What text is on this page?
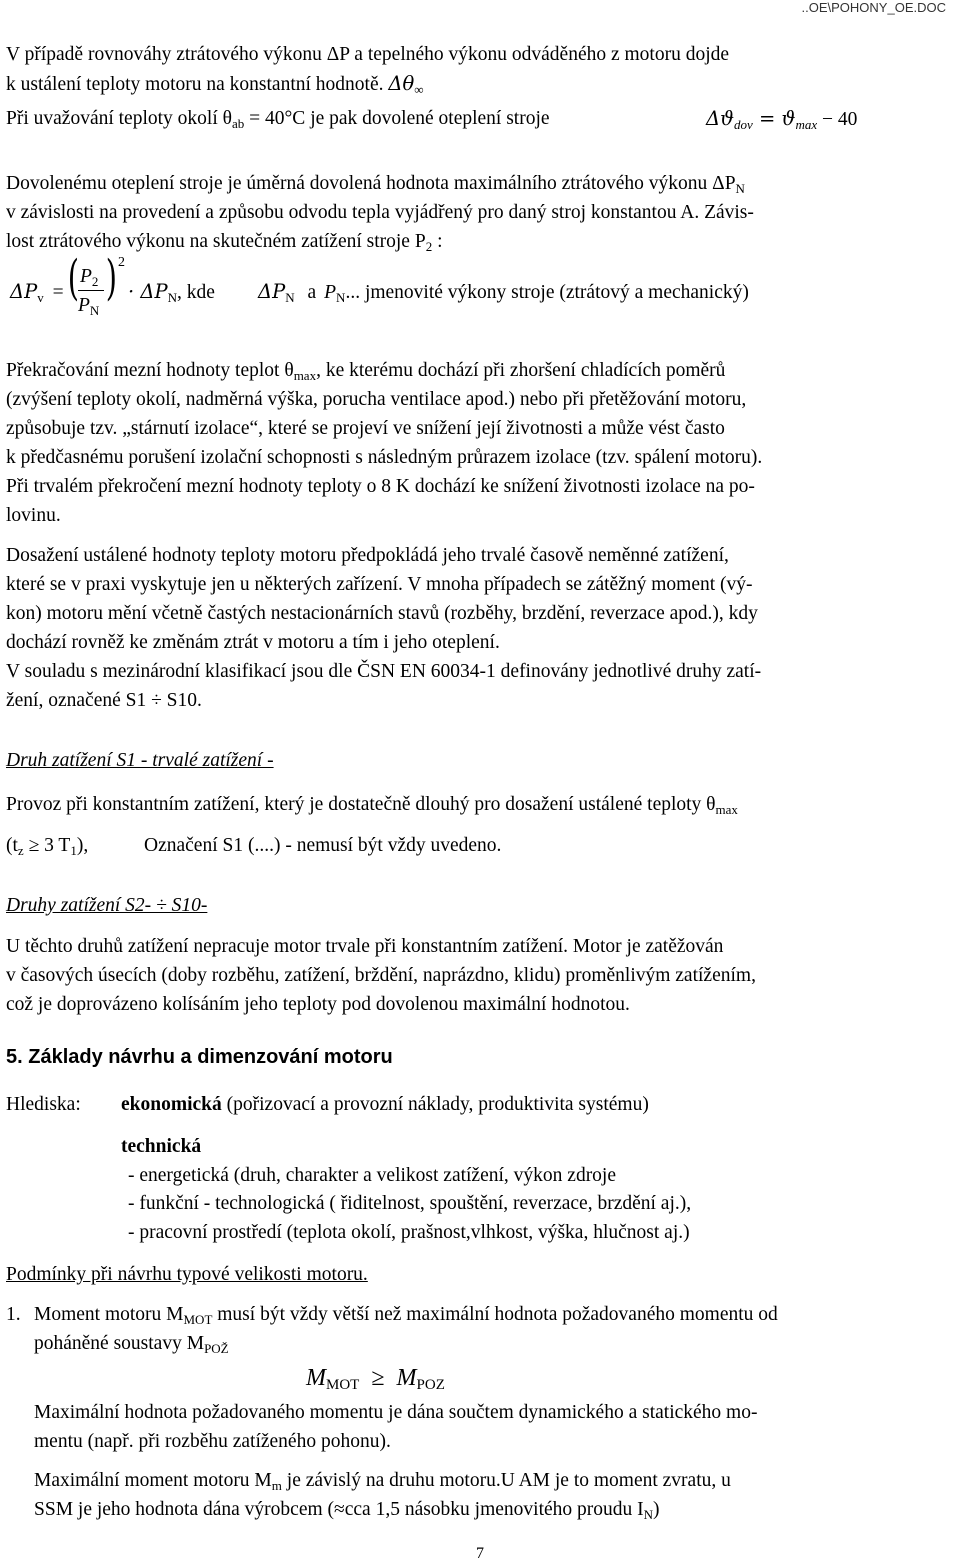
..OE\POHONY_OE.DOC
V případě rovnováhy ztrátového výkonu ΔP a tepelného výkonu odváděného z motoru dojde
k ustálení teploty motoru na konstantní hodnotě. $\Delta\theta_\infty$
Při uvažování teploty okolí $\theta_{ab} = 40^\circ C$ je pak dovolené oteplení stroje	$\Delta ϑ_{dov} = ϑ_{max} - 40$
Dovolenému oteplení stroje je úměrná dovolená hodnota maximálního ztrátového výkonu $\Delta P_N$
v závislosti na provedení a způsobu odvodu tepla vyjádřený pro daný stroj konstantou A. Závis-
lost ztrátového výkonu na skutečném zatížení stroje $P_2$ :
$\Delta P_v$ = ( $P_2$
$P_N$
) 2
· $\Delta P_N$, kde $\Delta P_N$ a $P_N$... jmenovité výkony stroje (ztrátový a mechanický)
Překračování mezní hodnoty teplot $\theta_{max}$, ke kterému dochází při zhoršení chladících poměrů
(zvýšení teploty okolí, nadměrná výška, porucha ventilace apod.) nebo při přetěžování motoru,
způsobuje tzv. „stárnutí izolace“, které se projeví ve snížení její životnosti a může vést často
k předčasnému porušení izolační schopnosti s následným průrazem izolace (tzv. spálení motoru).
Při trvalém překročení mezní hodnoty teploty o 8 K dochází ke snížení životnosti izolace na po-
lovinu.
Dosažení ustálené hodnoty teploty motoru předpokládá jeho trvalé časově neměnné zatížení,
které se v praxi vyskytuje jen u některých zařízení. V mnoha případech se zátěžný moment (vý-
kon) motoru mění včetně častých nestacionárních stavů (rozběhy, brzdění, reverzace apod.), kdy
dochází rovněž ke změnám ztrát v motoru a tím i jeho oteplení.
V souladu s mezinárodní klasifikací jsou dle ČSN EN 60034-1 definovány jednotlivé druhy zatí-
žení, označené S1 ÷ S10.
Druh zatížení S1 - trvalé zatížení -
Provoz při konstantním zatížení, který je dostatečně dlouhý pro dosažení ustálené teploty $\theta_{max}$
($t_z \ge 3$ $T_1$),	Označení S1 (....) - nemusí být vždy uvedeno.
Druhy zatížení S2- ÷ S10-
U těchto druhů zatížení nepracuje motor trvale při konstantním zatížení. Motor je zatěžován
v časových úsecích (doby rozběhu, zatížení, brždění, naprázdno, klidu) proměnlivým zatížením,
což je doprovázeno kolísáním jeho teploty pod dovolenou maximální hodnotou.
5. Základy návrhu a dimenzování motoru
Hlediska: ekonomická (pořizovací a provozní náklady, produktivita systému)
technická
- energetická (druh, charakter a velikost zatížení, výkon zdroje
- funkční - technologická ( řiditelnost, spouštění, reverzace, brzdění aj.),
- pracovní prostředí (teplota okolí, prašnost,vlhkost, výška, hlučnost aj.)
Podmínky při návrhu typové velikosti motoru.
1. Moment motoru $M_{MOT}$ musí být vždy větší než maximální hodnota požadovaného momentu od
poháněné soustavy $M_{POŽ}$
$M_{MOT} \ge M_{POZ}$
Maximální hodnota požadovaného momentu je dána součtem dynamického a statického mo-
mentu (např. při rozběhu zatíženého pohonu).
Maximální moment motoru $M_m$ je závislý na druhu motoru.U AM je to moment zvratu, u
SSM je jeho hodnota dána výrobcem (≈cca 1,5 násobku jmenovitého proudu $I_N$)
7
